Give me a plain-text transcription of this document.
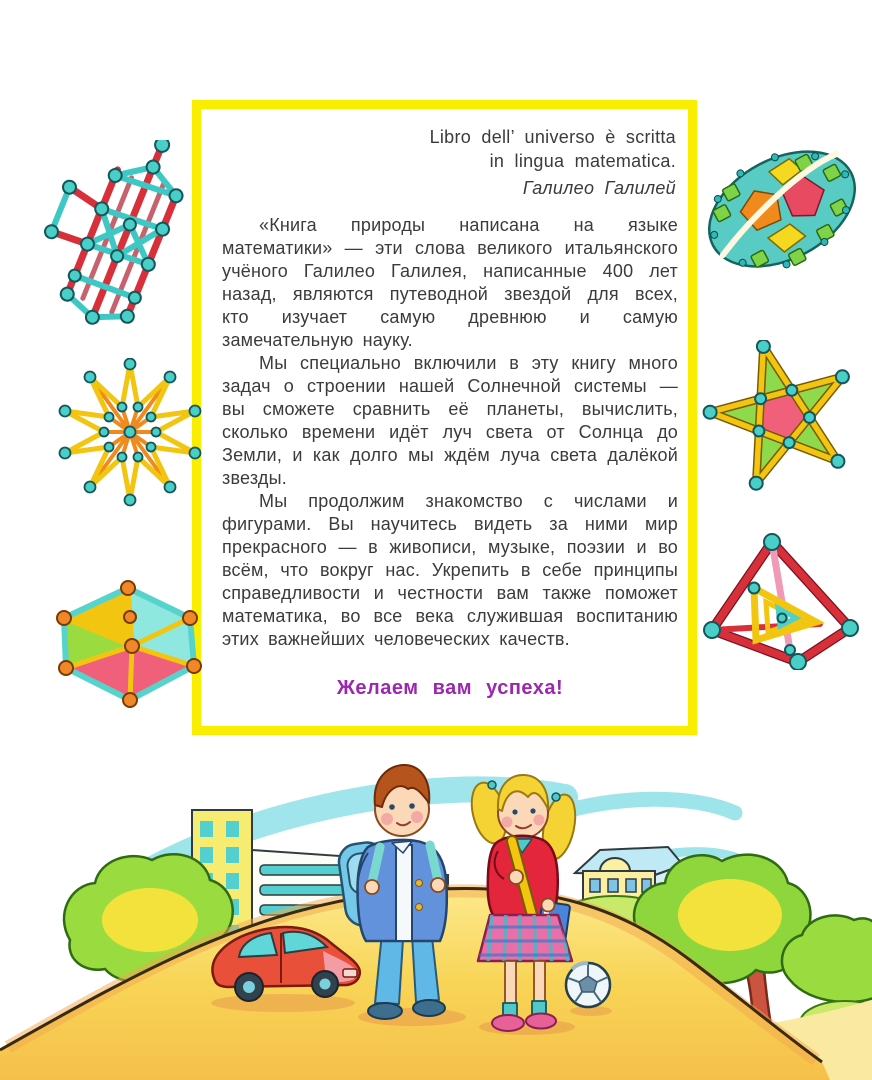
Libro dell’ universo è scritta
in lingua matematica.
Галилео Галилей

«Книга природы написана на языке математики» — эти слова великого итальянского учёного Галилео Галилея, написанные 400 лет назад, являются путеводной звездой для всех, кто изучает самую древнюю и самую замечательную науку.

Мы специально включили в эту книгу много задач о строении нашей Солнечной системы — вы сможете сравнить её планеты, вычислить, сколько времени идёт луч света от Солнца до Земли, и как долго мы ждём луча света далёкой звезды.

Мы продолжим знакомство с числами и фигурами. Вы научитесь видеть за ними мир прекрасного — в живописи, музыке, поэзии и во всём, что вокруг нас. Укрепить в себе принципы справедливости и честности вам также поможет математика, во все века служившая воспитанию этих важнейших человеческих качеств.

Желаем вам успеха!
